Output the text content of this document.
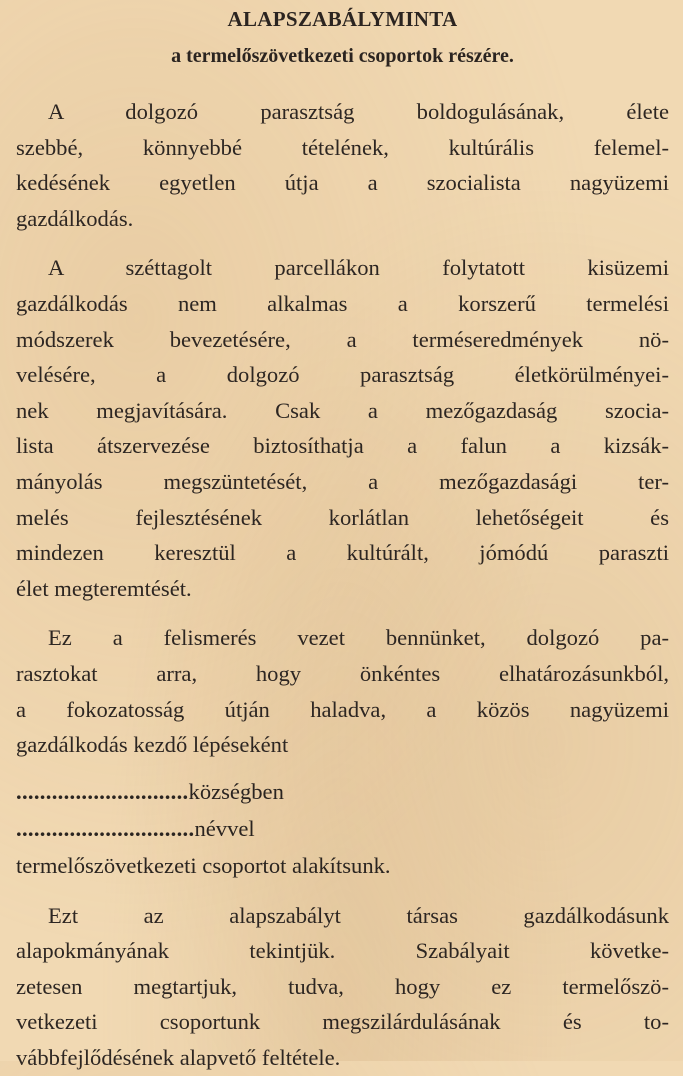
ALAPSZABÁLYMINTA
a termelőszövetkezeti csoportok részére.
A dolgozó parasztság boldogulásának, élete
szebbé, könnyebbé tételének, kultúrális felemel-
kedésének egyetlen útja a szocialista nagyüzemi
gazdálkodás.
A széttagolt parcellákon folytatott kisüzemi
gazdálkodás nem alkalmas a korszerű termelési
módszerek bevezetésére, a terméseredmények nö-
velésére, a dolgozó parasztság életkörülményei-
nek megjavítására. Csak a mezőgazdaság szocia-
lista átszervezése biztosíthatja a falun a kizsák-
mányolás megszüntetését, a mezőgazdasági ter-
melés fejlesztésének korlátlan lehetőségeit és
mindezen keresztül a kultúrált, jómódú paraszti
élet megteremtését.
Ez a felismerés vezet bennünket, dolgozó pa-
rasztokat arra, hogy önkéntes elhatározásunkból,
a fokozatosság útján haladva, a közös nagyüzemi
gazdálkodás kezdő lépéseként
.............................községben
..............................névvel
termelőszövetkezeti csoportot alakítsunk.
Ezt az alapszabályt társas gazdálkodásunk
alapokmányának tekintjük. Szabályait követke-
zetesen megtartjuk, tudva, hogy ez termelőszö-
vetkezeti csoportunk megszilárdulásának és to-
vábbfejlődésének alapvető feltétele.
